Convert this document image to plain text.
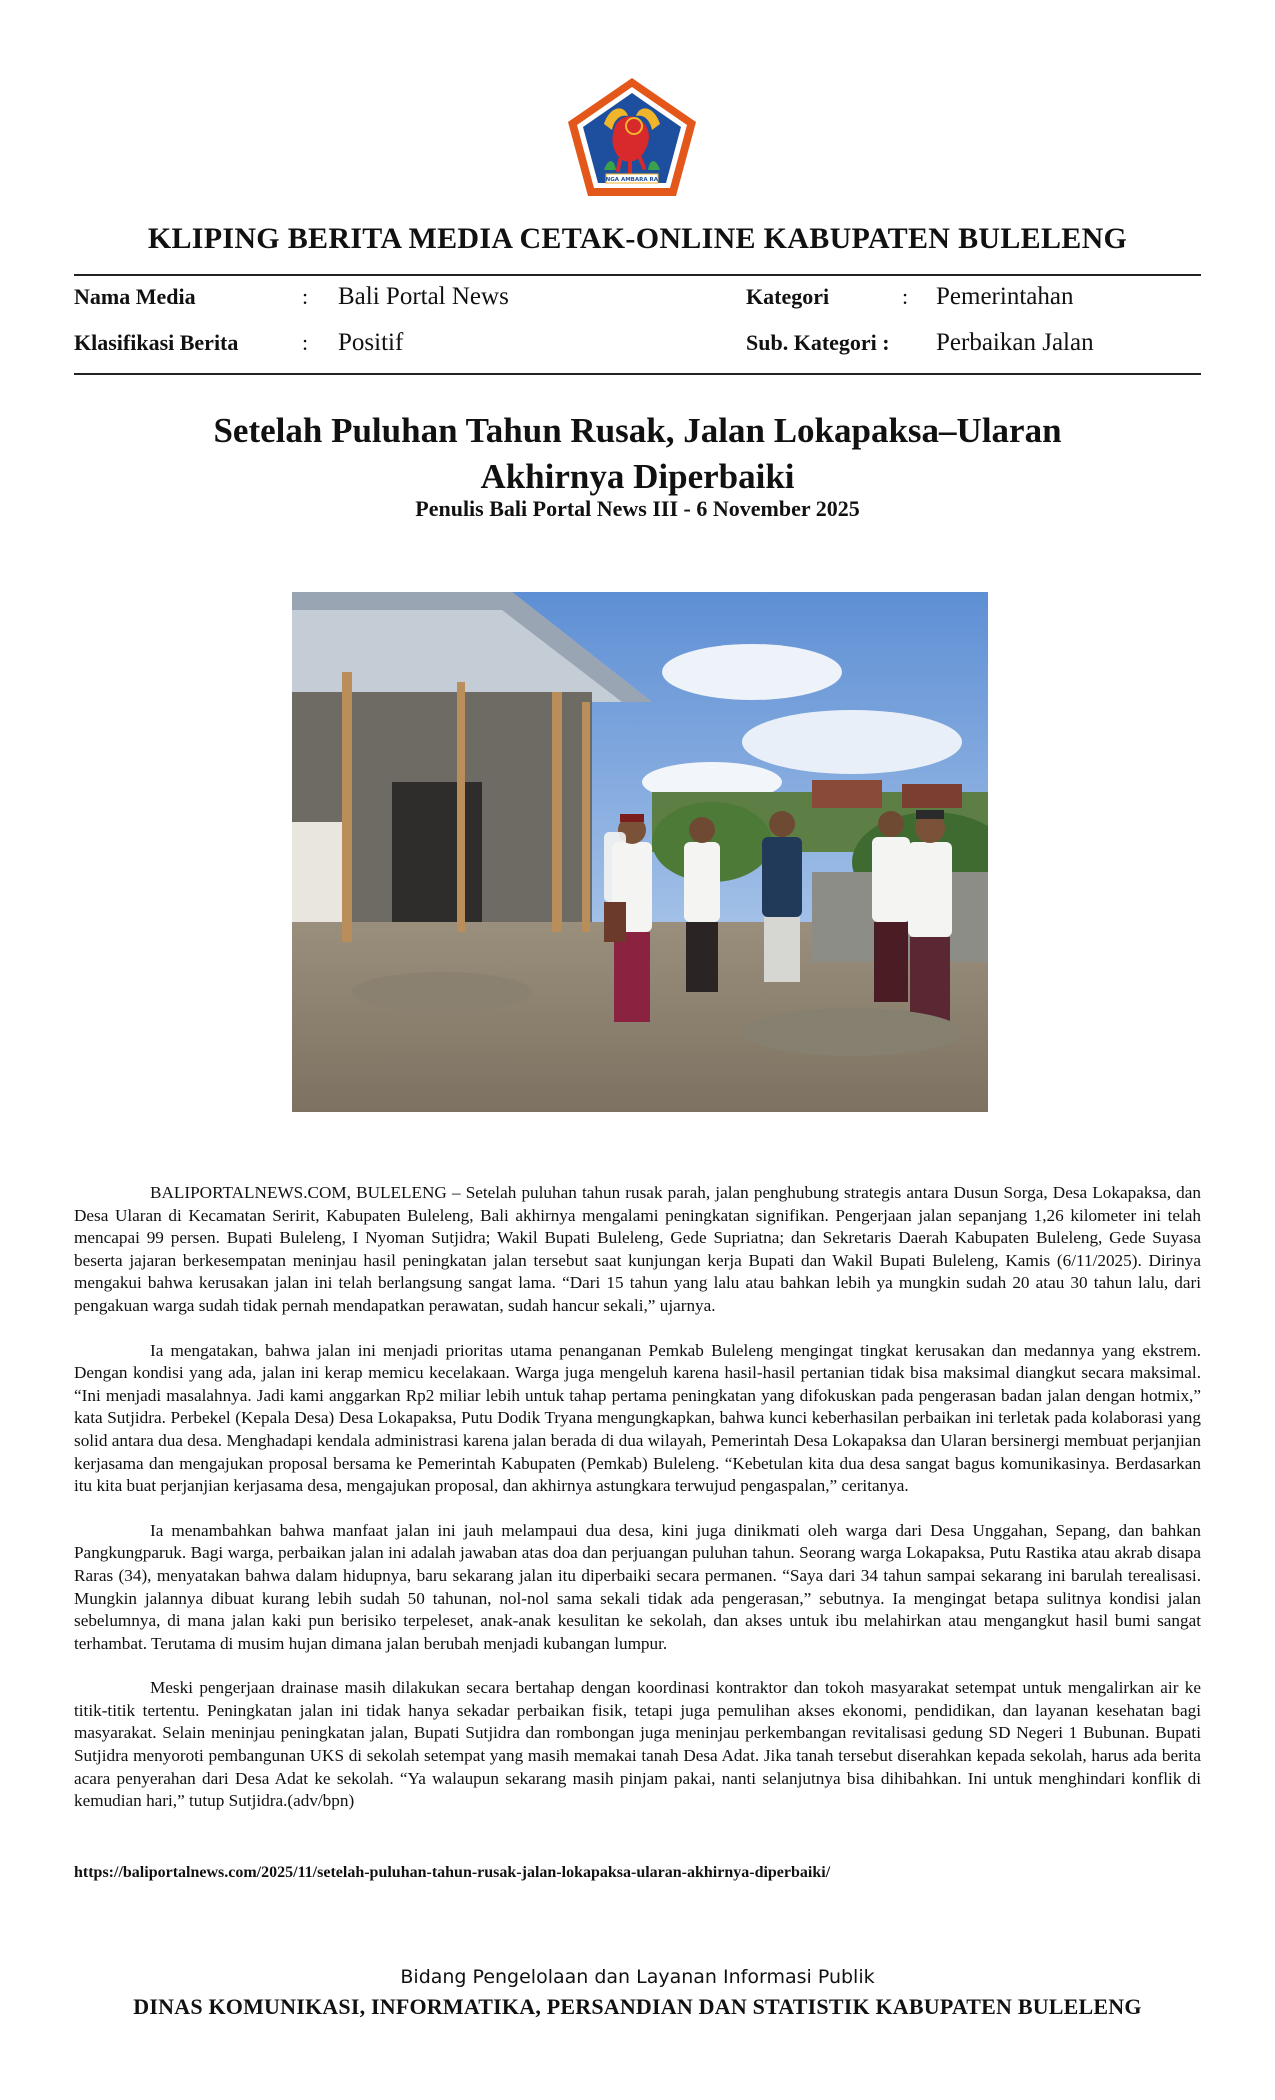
SINGA AMBARA RAJA
KLIPING BERITA MEDIA CETAK-ONLINE KABUPATEN BULELENG
Nama Media	: Bali Portal News	Kategori	: Pemerintahan
Klasifikasi Berita	: Positif	Sub. Kategori : Perbaikan Jalan
Setelah Puluhan Tahun Rusak, Jalan Lokapaksa–Ularan
Akhirnya Diperbaiki
Penulis Bali Portal News III - 6 November 2025

BALIPORTALNEWS.COM, BULELENG – Setelah puluhan tahun rusak parah, jalan penghubung strategis antara Dusun Sorga, Desa Lokapaksa, dan Desa Ularan di Kecamatan Seririt, Kabupaten Buleleng, Bali akhirnya mengalami peningkatan signifikan. Pengerjaan jalan sepanjang 1,26 kilometer ini telah mencapai 99 persen. Bupati Buleleng, I Nyoman Sutjidra; Wakil Bupati Buleleng, Gede Supriatna; dan Sekretaris Daerah Kabupaten Buleleng, Gede Suyasa beserta jajaran berkesempatan meninjau hasil peningkatan jalan tersebut saat kunjungan kerja Bupati dan Wakil Bupati Buleleng, Kamis (6/11/2025). Dirinya mengakui bahwa kerusakan jalan ini telah berlangsung sangat lama. “Dari 15 tahun yang lalu atau bahkan lebih ya mungkin sudah 20 atau 30 tahun lalu, dari pengakuan warga sudah tidak pernah mendapatkan perawatan, sudah hancur sekali,” ujarnya.

Ia mengatakan, bahwa jalan ini menjadi prioritas utama penanganan Pemkab Buleleng mengingat tingkat kerusakan dan medannya yang ekstrem. Dengan kondisi yang ada, jalan ini kerap memicu kecelakaan. Warga juga mengeluh karena hasil-hasil pertanian tidak bisa maksimal diangkut secara maksimal. “Ini menjadi masalahnya. Jadi kami anggarkan Rp2 miliar lebih untuk tahap pertama peningkatan yang difokuskan pada pengerasan badan jalan dengan hotmix,” kata Sutjidra. Perbekel (Kepala Desa) Desa Lokapaksa, Putu Dodik Tryana mengungkapkan, bahwa kunci keberhasilan perbaikan ini terletak pada kolaborasi yang solid antara dua desa. Menghadapi kendala administrasi karena jalan berada di dua wilayah, Pemerintah Desa Lokapaksa dan Ularan bersinergi membuat perjanjian kerjasama dan mengajukan proposal bersama ke Pemerintah Kabupaten (Pemkab) Buleleng. “Kebetulan kita dua desa sangat bagus komunikasinya. Berdasarkan itu kita buat perjanjian kerjasama desa, mengajukan proposal, dan akhirnya astungkara terwujud pengaspalan,” ceritanya.

Ia menambahkan bahwa manfaat jalan ini jauh melampaui dua desa, kini juga dinikmati oleh warga dari Desa Unggahan, Sepang, dan bahkan Pangkungparuk. Bagi warga, perbaikan jalan ini adalah jawaban atas doa dan perjuangan puluhan tahun. Seorang warga Lokapaksa, Putu Rastika atau akrab disapa Raras (34), menyatakan bahwa dalam hidupnya, baru sekarang jalan itu diperbaiki secara permanen. “Saya dari 34 tahun sampai sekarang ini barulah terealisasi. Mungkin jalannya dibuat kurang lebih sudah 50 tahunan, nol-nol sama sekali tidak ada pengerasan,” sebutnya. Ia mengingat betapa sulitnya kondisi jalan sebelumnya, di mana jalan kaki pun berisiko terpeleset, anak-anak kesulitan ke sekolah, dan akses untuk ibu melahirkan atau mengangkut hasil bumi sangat terhambat. Terutama di musim hujan dimana jalan berubah menjadi kubangan lumpur.

Meski pengerjaan drainase masih dilakukan secara bertahap dengan koordinasi kontraktor dan tokoh masyarakat setempat untuk mengalirkan air ke titik-titik tertentu. Peningkatan jalan ini tidak hanya sekadar perbaikan fisik, tetapi juga pemulihan akses ekonomi, pendidikan, dan layanan kesehatan bagi masyarakat. Selain meninjau peningkatan jalan, Bupati Sutjidra dan rombongan juga meninjau perkembangan revitalisasi gedung SD Negeri 1 Bubunan. Bupati Sutjidra menyoroti pembangunan UKS di sekolah setempat yang masih memakai tanah Desa Adat. Jika tanah tersebut diserahkan kepada sekolah, harus ada berita acara penyerahan dari Desa Adat ke sekolah. “Ya walaupun sekarang masih pinjam pakai, nanti selanjutnya bisa dihibahkan. Ini untuk menghindari konflik di kemudian hari,” tutup Sutjidra.(adv/bpn)

https://baliportalnews.com/2025/11/setelah-puluhan-tahun-rusak-jalan-lokapaksa-ularan-akhirnya-diperbaiki/
Bidang Pengelolaan dan Layanan Informasi Publik
DINAS KOMUNIKASI, INFORMATIKA, PERSANDIAN DAN STATISTIK KABUPATEN BULELENG
